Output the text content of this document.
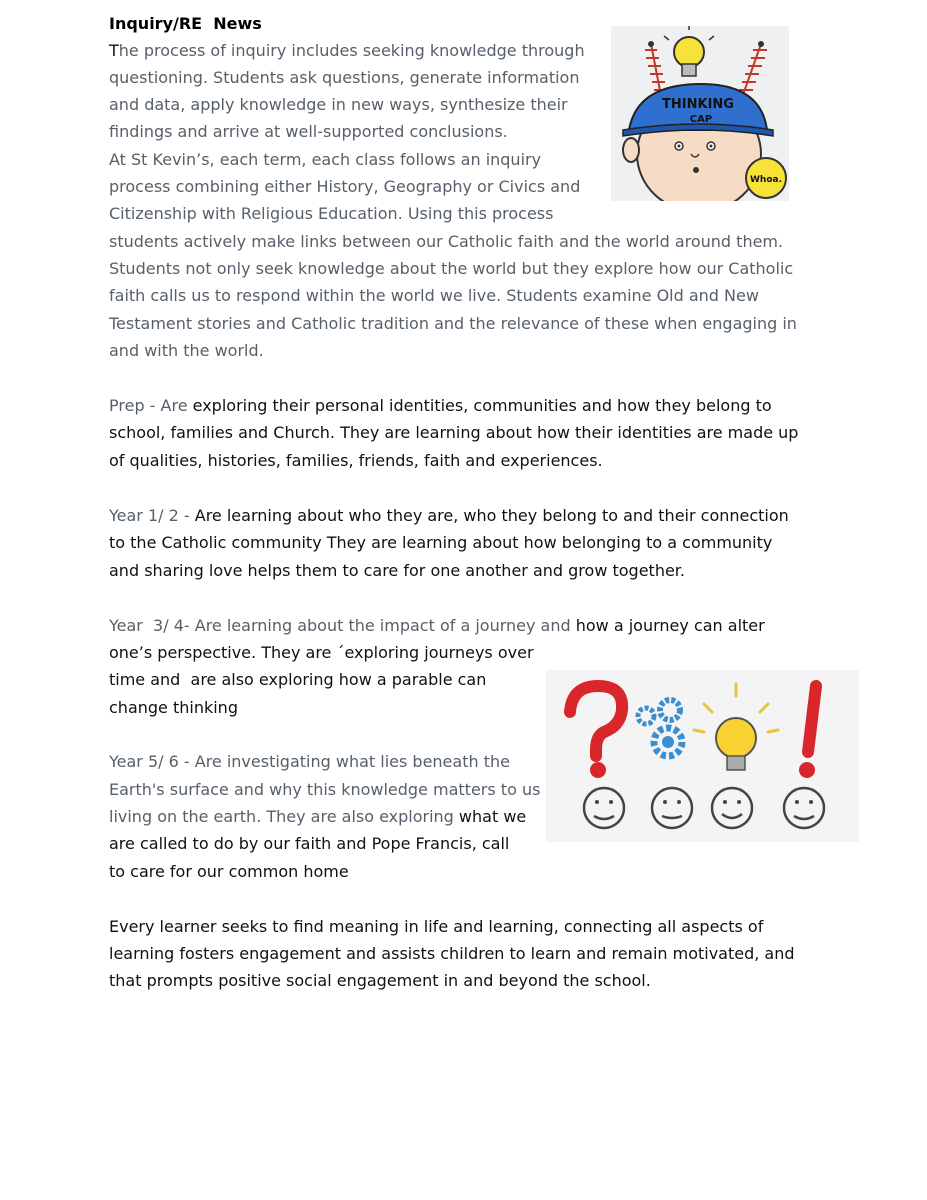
Inquiry/RE  News
The process of inquiry includes seeking knowledge through
questioning. Students ask questions, generate information
and data, apply knowledge in new ways, synthesize their
findings and arrive at well-supported conclusions.
At St Kevin’s, each term, each class follows an inquiry
process combining either History, Geography or Civics and
Citizenship with Religious Education. Using this process
students actively make links between our Catholic faith and the world around them.
Students not only seek knowledge about the world but they explore how our Catholic
faith calls us to respond within the world we live. Students examine Old and New
Testament stories and Catholic tradition and the relevance of these when engaging in
and with the world.
Prep - Are exploring their personal identities, communities and how they belong to
school, families and Church. They are learning about how their identities are made up
of qualities, histories, families, friends, faith and experiences.
Year 1/ 2 - Are learning about who they are, who they belong to and their connection
to the Catholic community They are learning about how belonging to a community
and sharing love helps them to care for one another and grow together.
Year  3/ 4- Are learning about the impact of a journey and how a journey can alter
one’s perspective. They are ´exploring journeys over
time and  are also exploring how a parable can
change thinking
Year 5/ 6 - Are investigating what lies beneath the
Earth's surface and why this knowledge matters to us
living on the earth. They are also exploring what we
are called to do by our faith and Pope Francis, call
to care for our common home
Every learner seeks to find meaning in life and learning, connecting all aspects of
learning fosters engagement and assists children to learn and remain motivated, and
that prompts positive social engagement in and beyond the school.
THINKING
CAP
Whoa.
